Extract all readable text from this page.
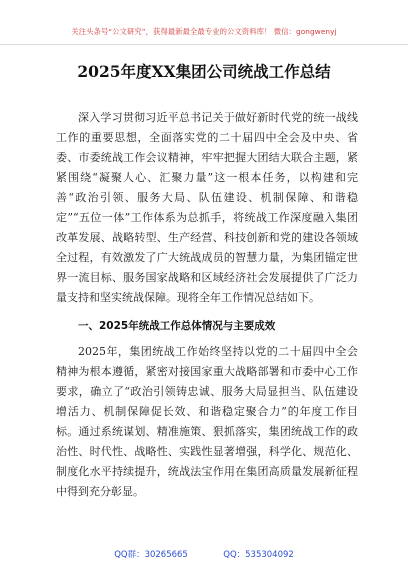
关注头条号“公文研究”，获得最新最全最专业的公文资料库！ 微信：gongwenyj
2025年度XX集团公司统战工作总结

深入学习贯彻习近平总书记关于做好新时代党的统一战线工作的重要思想，全面落实党的二十届四中全会及中央、省委、市委统战工作会议精神，牢牢把握大团结大联合主题，紧紧围绕“凝聚人心、汇聚力量”这一根本任务，以构建和完善“政治引领、服务大局、队伍建设、机制保障、和谐稳定”“五位一体”工作体系为总抓手，将统战工作深度融入集团改革发展、战略转型、生产经营、科技创新和党的建设各领域全过程，有效激发了广大统战成员的智慧力量，为集团锚定世界一流目标、服务国家战略和区域经济社会发展提供了广泛力量支持和坚实统战保障。现将全年工作情况总结如下。

一、2025年统战工作总体情况与主要成效

2025年，集团统战工作始终坚持以党的二十届四中全会精神为根本遵循，紧密对接国家重大战略部署和市委中心工作要求，确立了“政治引领铸忠诚、服务大局显担当、队伍建设增活力、机制保障促长效、和谐稳定聚合力”的年度工作目标。通过系统谋划、精准施策、狠抓落实，集团统战工作的政治性、时代性、战略性、实践性显著增强，科学化、规范化、制度化水平持续提升，统战法宝作用在集团高质量发展新征程中得到充分彰显。

QQ群：30265665	QQ：535304092
